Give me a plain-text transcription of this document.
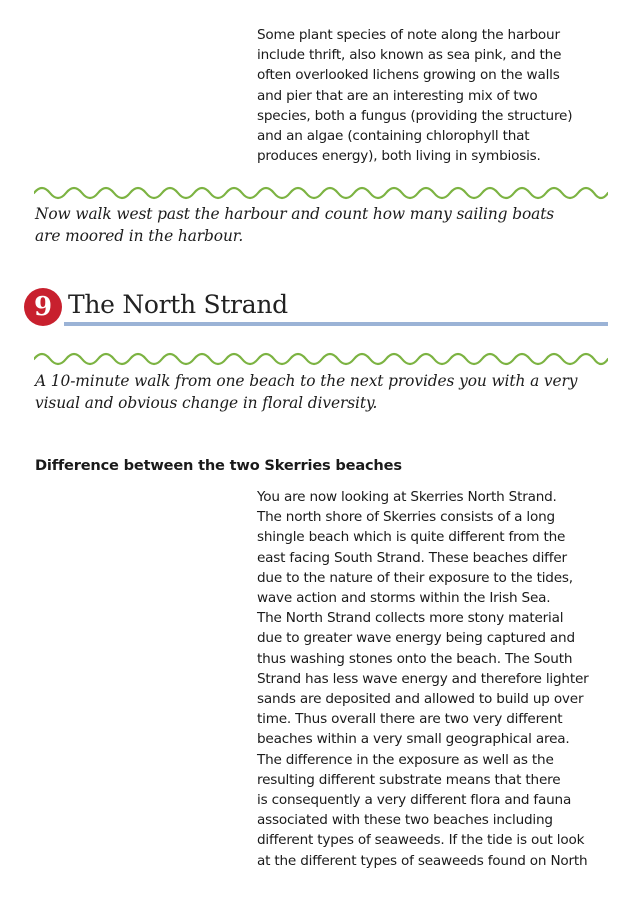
Some plant species of note along the harbour
include thrift, also known as sea pink, and the
often overlooked lichens growing on the walls
and pier that are an interesting mix of two
species, both a fungus (providing the structure)
and an algae (containing chlorophyll that
produces energy), both living in symbiosis.

Now walk west past the harbour and count how many sailing boats
are moored in the harbour.

9 The North Strand

A 10-minute walk from one beach to the next provides you with a very
visual and obvious change in floral diversity.

Difference between the two Skerries beaches

You are now looking at Skerries North Strand.
The north shore of Skerries consists of a long
shingle beach which is quite different from the
east facing South Strand. These beaches differ
due to the nature of their exposure to the tides,
wave action and storms within the Irish Sea.
The North Strand collects more stony material
due to greater wave energy being captured and
thus washing stones onto the beach. The South
Strand has less wave energy and therefore lighter
sands are deposited and allowed to build up over
time. Thus overall there are two very different
beaches within a very small geographical area.
The difference in the exposure as well as the
resulting different substrate means that there
is consequently a very different flora and fauna
associated with these two beaches including
different types of seaweeds. If the tide is out look
at the different types of seaweeds found on North
